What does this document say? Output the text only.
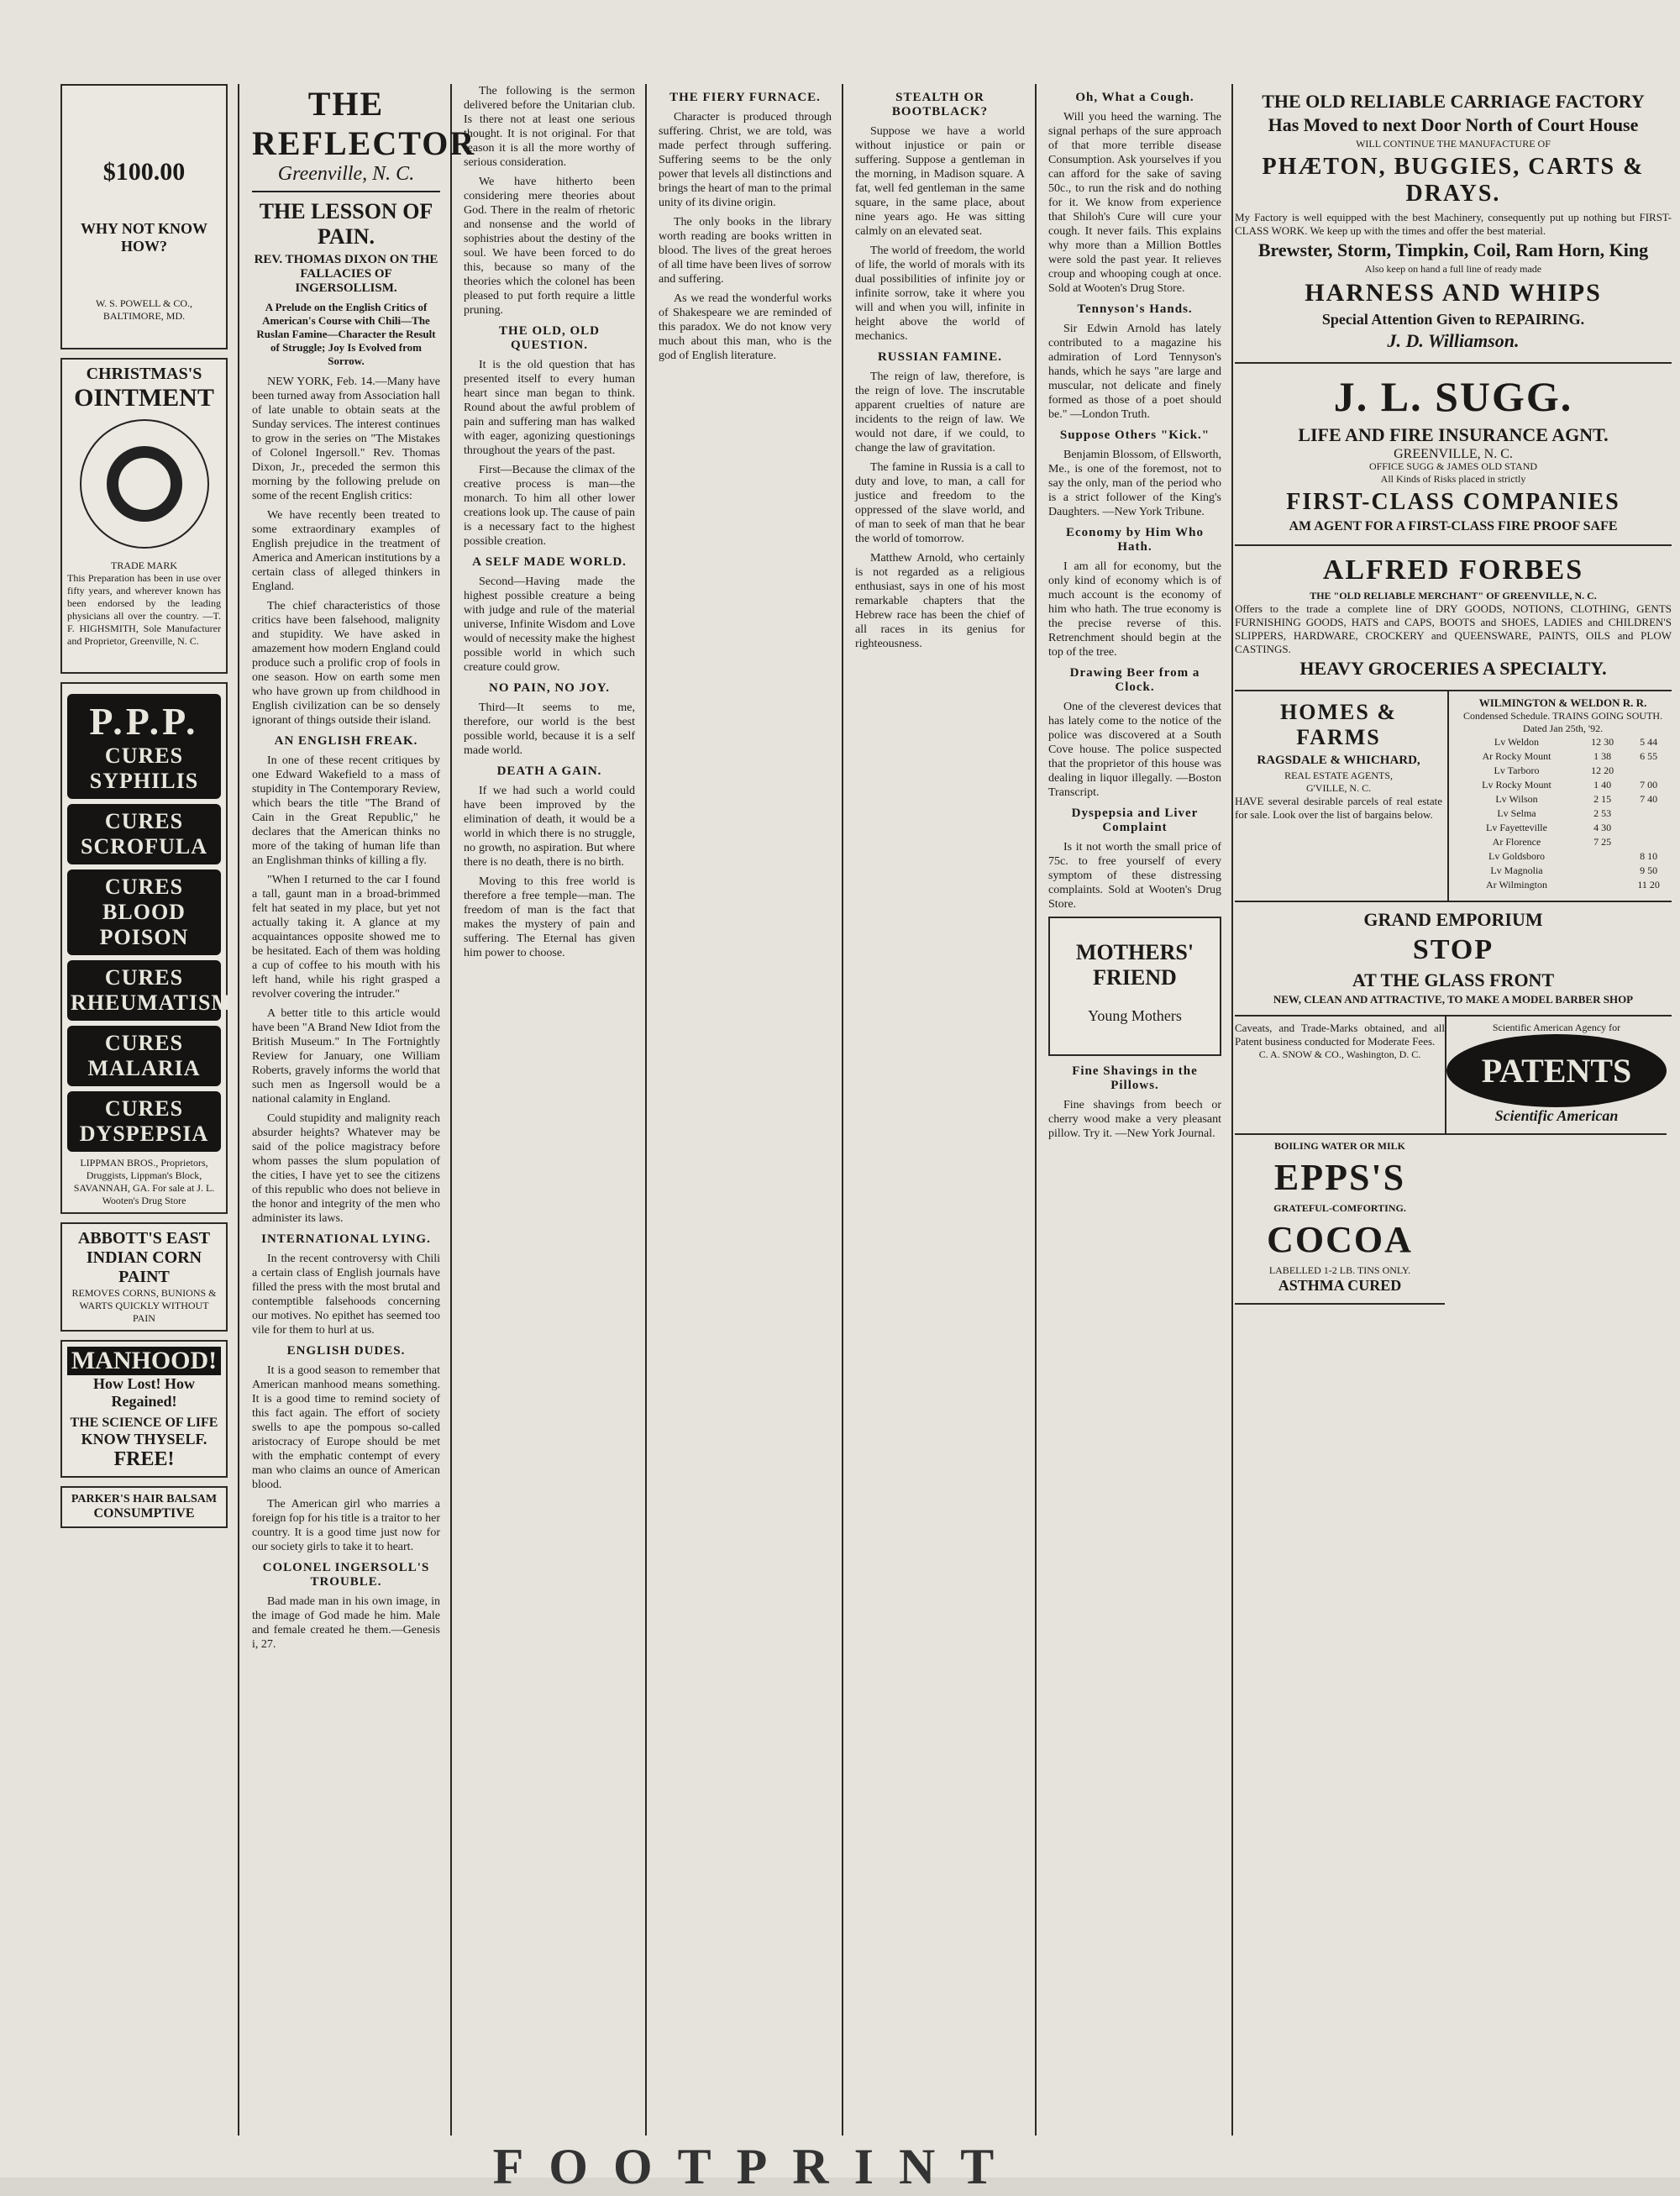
$100.00
WHY NOT KNOW HOW?
W. S. POWELL & CO.,
BALTIMORE, MD.
CHRISTMAS'S
OINTMENT
TRADE MARK
This Preparation has been in use over fifty years, and wherever known has been endorsed by the leading physicians all over the country. —T. F. HIGHSMITH, Sole Manufacturer and Proprietor, Greenville, N. C.
P.P.P.
CURES SYPHILIS
CURES SCROFULA
CURES BLOOD POISON
CURES RHEUMATISM
CURES MALARIA
CURES DYSPEPSIA
LIPPMAN BROS., Proprietors, Druggists, Lippman's Block, SAVANNAH, GA. For sale at J. L. Wooten's Drug Store
ABBOTT'S EAST INDIAN CORN PAINT
REMOVES CORNS, BUNIONS & WARTS QUICKLY WITHOUT PAIN
MANHOOD!
How Lost! How Regained!
THE SCIENCE OF LIFE
KNOW THYSELF.
FREE!
PARKER'S HAIR BALSAM
CONSUMPTIVE
THE REFLECTOR
Greenville, N. C.
THE LESSON OF PAIN.
REV. THOMAS DIXON ON THE FALLACIES OF INGERSOLLISM.
A Prelude on the English Critics of American's Course with Chili—The Ruslan Famine—Character the Result of Struggle; Joy Is Evolved from Sorrow.

NEW YORK, Feb. 14.—Many have been turned away from Association hall of late unable to obtain seats at the Sunday services. The interest continues to grow in the series on "The Mistakes of Colonel Ingersoll." Rev. Thomas Dixon, Jr., preceded the sermon this morning by the following prelude on some of the recent English critics:

We have recently been treated to some extraordinary examples of English prejudice in the treatment of America and American institutions by a certain class of alleged thinkers in England.

The chief characteristics of those critics have been falsehood, malignity and stupidity. We have asked in amazement how modern England could produce such a prolific crop of fools in one season. How on earth some men who have grown up from childhood in English civilization can be so densely ignorant of things outside their island.

AN ENGLISH FREAK.

In one of these recent critiques by one Edward Wakefield to a mass of stupidity in The Contemporary Review, which bears the title "The Brand of Cain in the Great Republic," he declares that the American thinks no more of the taking of human life than an Englishman thinks of killing a fly.

"When I returned to the car I found a tall, gaunt man in a broad-brimmed felt hat seated in my place, but yet not actually taking it. A glance at my acquaintances opposite showed me to be hesitated. Each of them was holding a cup of coffee to his mouth with his left hand, while his right grasped a revolver covering the intruder."

A better title to this article would have been "A Brand New Idiot from the British Museum." In The Fortnightly Review for January, one William Roberts, gravely informs the world that such men as Ingersoll would be a national calamity in England.

Could stupidity and malignity reach absurder heights? Whatever may be said of the police magistracy before whom passes the slum population of the cities, I have yet to see the citizens of this republic who does not believe in the honor and integrity of the men who administer its laws.

INTERNATIONAL LYING.

In the recent controversy with Chili a certain class of English journals have filled the press with the most brutal and contemptible falsehoods concerning our motives. No epithet has seemed too vile for them to hurl at us.

ENGLISH DUDES.

It is a good season to remember that American manhood means something. It is a good time to remind society of this fact again. The effort of society swells to ape the pompous so-called aristocracy of Europe should be met with the emphatic contempt of every man who claims an ounce of American blood.

The American girl who marries a foreign fop for his title is a traitor to her country. It is a good time just now for our society girls to take it to heart.

COLONEL INGERSOLL'S TROUBLE.

Bad made man in his own image, in the image of God made he him. Male and female created he them.—Genesis i, 27.

The following is the sermon delivered before the Unitarian club. Is there not at least one serious thought. It is not original. For that reason it is all the more worthy of serious consideration.

We have hitherto been considering mere theories about God. There in the realm of rhetoric and nonsense and the world of sophistries about the destiny of the soul. We have been forced to do this, because so many of the theories which the colonel has been pleased to put forth require a little pruning.

THE OLD, OLD QUESTION.

It is the old question that has presented itself to every human heart since man began to think. Round about the awful problem of pain and suffering man has walked with eager, agonizing questionings throughout the years of the past.

First—Because the climax of the creative process is man—the monarch. To him all other lower creations look up. The cause of pain is a necessary fact to the highest possible creation.

A SELF MADE WORLD.

Second—Having made the highest possible creature a being with judge and rule of the material universe, Infinite Wisdom and Love would of necessity make the highest possible world in which such creature could grow.

NO PAIN, NO JOY.

Third—It seems to me, therefore, our world is the best possible world, because it is a self made world.

DEATH A GAIN.

If we had such a world could have been improved by the elimination of death, it would be a world in which there is no struggle, no growth, no aspiration. But where there is no death, there is no birth.

Moving to this free world is therefore a free temple—man. The freedom of man is the fact that makes the mystery of pain and suffering. The Eternal has given him power to choose.

THE FIERY FURNACE.

Character is produced through suffering. Christ, we are told, was made perfect through suffering. Suffering seems to be the only power that levels all distinctions and brings the heart of man to the primal unity of its divine origin.

The only books in the library worth reading are books written in blood. The lives of the great heroes of all time have been lives of sorrow and suffering.

As we read the wonderful works of Shakespeare we are reminded of this paradox. We do not know very much about this man, who is the god of English literature.

STEALTH OR BOOTBLACK?

Suppose we have a world without injustice or pain or suffering. Suppose a gentleman in the morning, in Madison square. A fat, well fed gentleman in the same square, in the same place, about nine years ago. He was sitting calmly on an elevated seat.

The world of freedom, the world of life, the world of morals with its dual possibilities of infinite joy or infinite sorrow, take it where you will and when you will, infinite in height above the world of mechanics.

RUSSIAN FAMINE.

The reign of law, therefore, is the reign of love. The inscrutable apparent cruelties of nature are incidents to the reign of law. We would not dare, if we could, to change the law of gravitation.

The famine in Russia is a call to duty and love, to man, a call for justice and freedom to the oppressed of the slave world, and of man to seek of man that he bear the world of tomorrow.

Matthew Arnold, who certainly is not regarded as a religious enthusiast, says in one of his most remarkable chapters that the Hebrew race has been the chief of all races in its genius for righteousness.

Oh, What a Cough.

Will you heed the warning. The signal perhaps of the sure approach of that more terrible disease Consumption. Ask yourselves if you can afford for the sake of saving 50c., to run the risk and do nothing for it. We know from experience that Shiloh's Cure will cure your cough. It never fails. This explains why more than a Million Bottles were sold the past year. It relieves croup and whooping cough at once. Sold at Wooten's Drug Store.

Tennyson's Hands.

Sir Edwin Arnold has lately contributed to a magazine his admiration of Lord Tennyson's hands, which he says "are large and muscular, not delicate and finely formed as those of a poet should be." —London Truth.

Suppose Others "Kick."

Benjamin Blossom, of Ellsworth, Me., is one of the foremost, not to say the only, man of the period who is a strict follower of the King's Daughters. —New York Tribune.

Economy by Him Who Hath.

I am all for economy, but the only kind of economy which is of much account is the economy of him who hath. The true economy is the precise reverse of this. Retrenchment should begin at the top of the tree.

Drawing Beer from a Clock.

One of the cleverest devices that has lately come to the notice of the police was discovered at a South Cove house. The police suspected that the proprietor of this house was dealing in liquor illegally. —Boston Transcript.

Dyspepsia and Liver Complaint

Is it not worth the small price of 75c. to free yourself of every symptom of these distressing complaints. Sold at Wooten's Drug Store.

MOTHERS' FRIEND
Young Mothers
Fine Shavings in the Pillows.

Fine shavings from beech or cherry wood make a very pleasant pillow. Try it. —New York Journal.

THE OLD RELIABLE CARRIAGE FACTORY
Has Moved to next Door North of Court House
WILL CONTINUE THE MANUFACTURE OF
PHÆTON, BUGGIES, CARTS & DRAYS.
My Factory is well equipped with the best Machinery, consequently put up nothing but FIRST-CLASS WORK. We keep up with the times and offer the best material.
Brewster, Storm, Timpkin, Coil, Ram Horn, King
Also keep on hand a full line of ready made
HARNESS AND WHIPS
Special Attention Given to REPAIRING.
J. D. Williamson.
J. L. SUGG.
LIFE AND FIRE INSURANCE AGNT.
GREENVILLE, N. C.
OFFICE SUGG & JAMES OLD STAND
All Kinds of Risks placed in strictly
FIRST-CLASS COMPANIES
AM AGENT FOR A FIRST-CLASS FIRE PROOF SAFE
ALFRED FORBES
THE "OLD RELIABLE MERCHANT" OF GREENVILLE, N. C.
Offers to the trade a complete line of DRY GOODS, NOTIONS, CLOTHING, GENTS FURNISHING GOODS, HATS and CAPS, BOOTS and SHOES, LADIES and CHILDREN'S SLIPPERS, HARDWARE, CROCKERY and QUEENSWARE, PAINTS, OILS and PLOW CASTINGS.
HEAVY GROCERIES A SPECIALTY.
HOMES & FARMS
RAGSDALE & WHICHARD,
REAL ESTATE AGENTS,
G'VILLE, N. C.
HAVE several desirable parcels of real estate for sale. Look over the list of bargains below.
WILMINGTON & WELDON R. R.
Condensed Schedule. TRAINS GOING SOUTH. Dated Jan 25th, '92.
Lv Weldon	12 30	5 44
Ar Rocky Mount	1 38	6 55
Lv Tarboro	12 20	
Lv Rocky Mount	1 40	7 00
Lv Wilson	2 15	7 40
Lv Selma	2 53	
Lv Fayetteville	4 30	
Ar Florence	7 25	
Lv Goldsboro		8 10
Lv Magnolia		9 50
Ar Wilmington		11 20
GRAND EMPORIUM
STOP
AT THE GLASS FRONT
NEW, CLEAN AND ATTRACTIVE, TO MAKE A MODEL BARBER SHOP
Caveats, and Trade-Marks obtained, and all Patent business conducted for Moderate Fees.
C. A. SNOW & CO., Washington, D. C.
Scientific American Agency for
PATENTS
Scientific American
BOILING WATER OR MILK
EPPS'S
GRATEFUL-COMFORTING.
COCOA
LABELLED 1-2 LB. TINS ONLY.
ASTHMA CURED
FOOTPRINT
